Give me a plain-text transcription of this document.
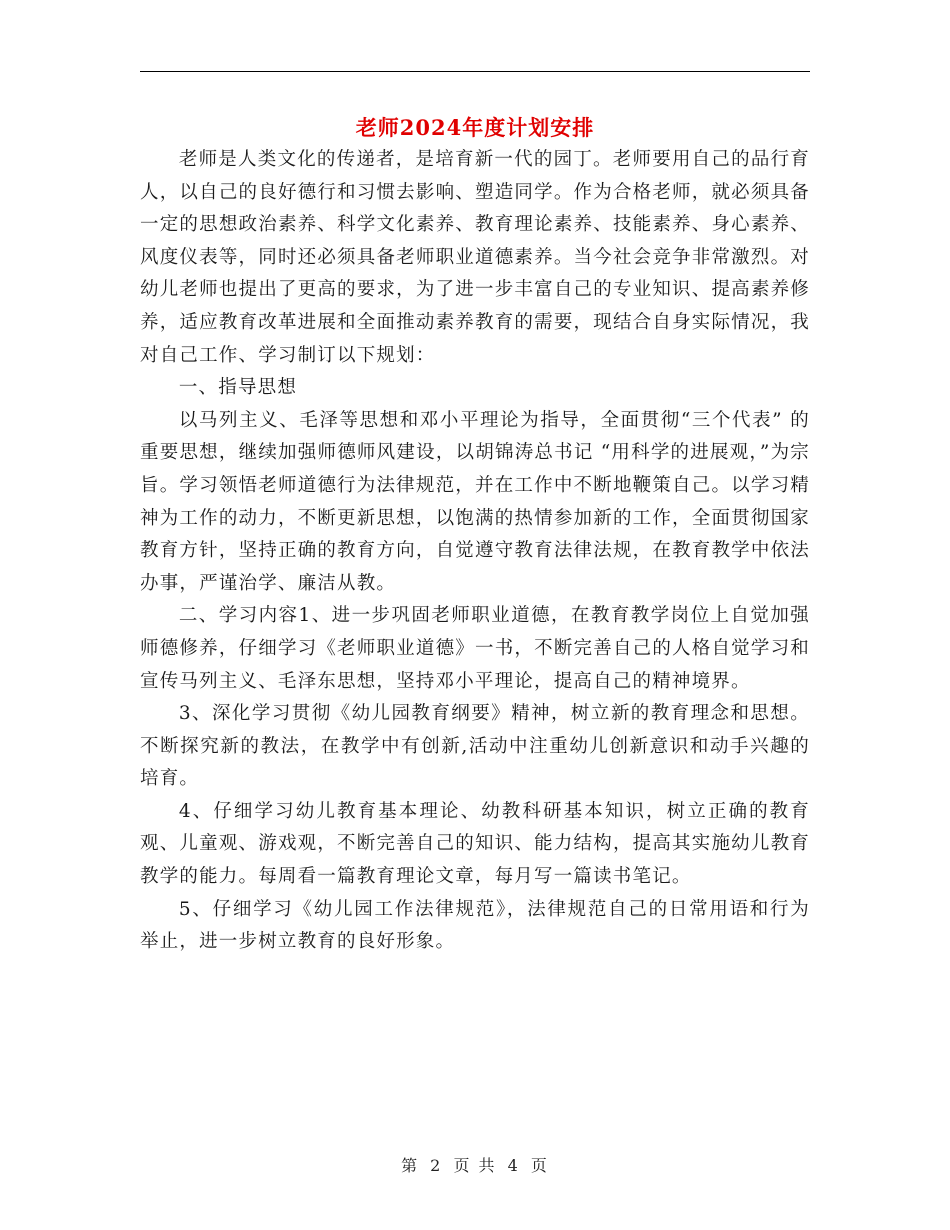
老师2024年度计划安排

老师是人类文化的传递者，是培育新一代的园丁。老师要用自己的品行育人，以自己的良好德行和习惯去影响、塑造同学。作为合格老师，就必须具备一定的思想政治素养、科学文化素养、教育理论素养、技能素养、身心素养、风度仪表等，同时还必须具备老师职业道德素养。当今社会竞争非常激烈。对幼儿老师也提出了更高的要求，为了进一步丰富自己的专业知识、提高素养修养，适应教育改革进展和全面推动素养教育的需要，现结合自身实际情况，我对自己工作、学习制订以下规划：

一、指导思想

以马列主义、毛泽等思想和邓小平理论为指导，全面贯彻“三个代表” 的重要思想，继续加强师德师风建设，以胡锦涛总书记 “用科学的进展观，”为宗旨。学习领悟老师道德行为法律规范，并在工作中不断地鞭策自己。以学习精神为工作的动力，不断更新思想，以饱满的热情参加新的工作，全面贯彻国家教育方针，坚持正确的教育方向，自觉遵守教育法律法规，在教育教学中依法办事，严谨治学、廉洁从教。

二、学习内容1、进一步巩固老师职业道德，在教育教学岗位上自觉加强师德修养，仔细学习《老师职业道德》一书，不断完善自己的人格自觉学习和宣传马列主义、毛泽东思想，坚持邓小平理论，提高自己的精神境界。

3、深化学习贯彻《幼儿园教育纲要》精神，树立新的教育理念和思想。不断探究新的教法，在教学中有创新,活动中注重幼儿创新意识和动手兴趣的培育。

4、仔细学习幼儿教育基本理论、幼教科研基本知识，树立正确的教育观、儿童观、游戏观，不断完善自己的知识、能力结构，提高其实施幼儿教育教学的能力。每周看一篇教育理论文章，每月写一篇读书笔记。

5、仔细学习《幼儿园工作法律规范》，法律规范自己的日常用语和行为举止，进一步树立教育的良好形象。

第 2 页 共 4 页
